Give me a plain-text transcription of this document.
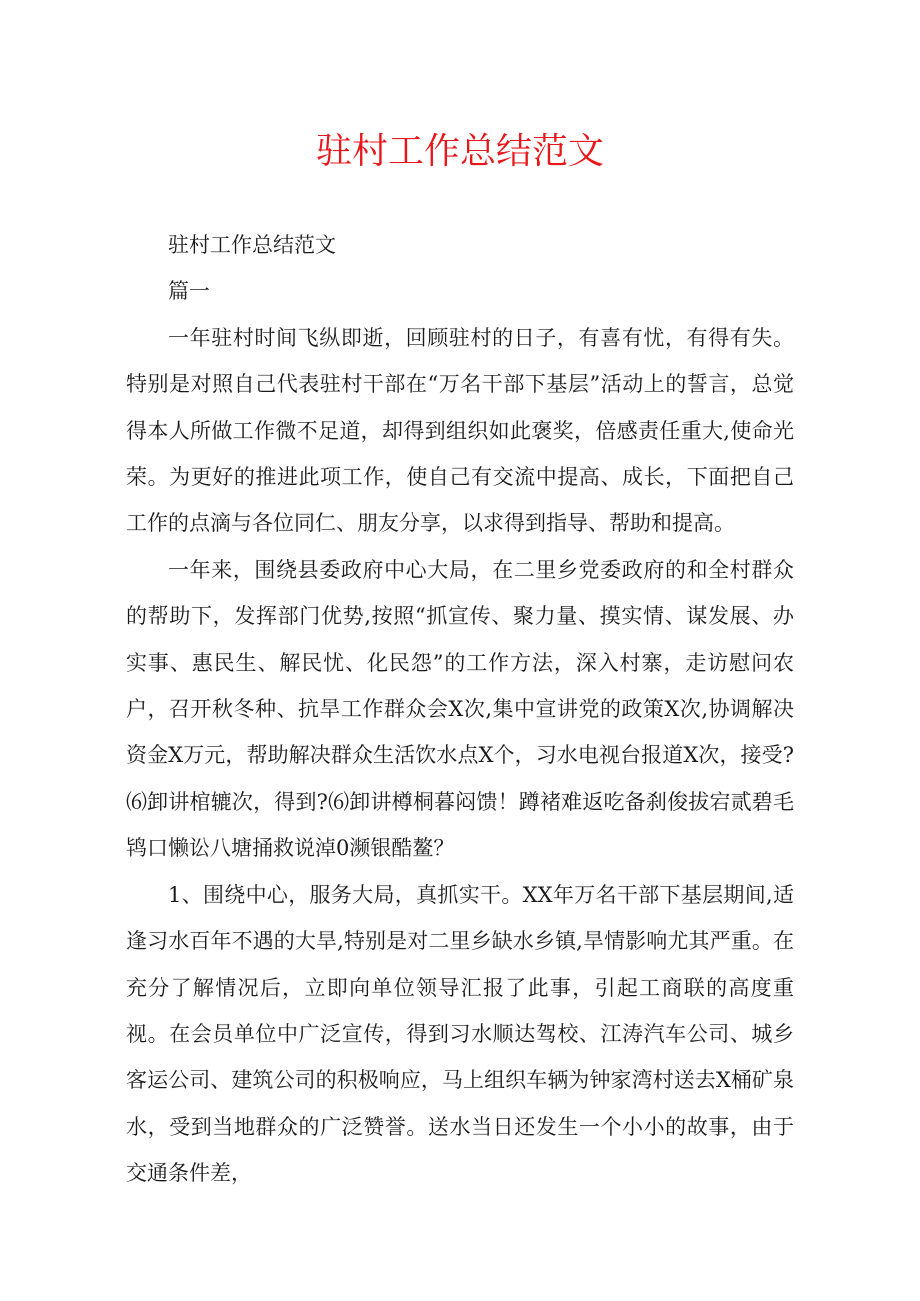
驻村工作总结范文

驻村工作总结范文

篇一

一年驻村时间飞纵即逝，回顾驻村的日子，有喜有忧，有得有失。特别是对照自己代表驻村干部在“万名干部下基层”活动上的誓言，总觉得本人所做工作微不足道，却得到组织如此褒奖，倍感责任重大,使命光荣。为更好的推进此项工作，使自己有交流中提高、成长，下面把自己工作的点滴与各位同仁、朋友分享，以求得到指导、帮助和提高。

一年来，围绕县委政府中心大局，在二里乡党委政府的和全村群众的帮助下，发挥部门优势,按照“抓宣传、聚力量、摸实情、谋发展、办实事、惠民生、解民忧、化民怨”的工作方法，深入村寨，走访慰问农户，召开秋冬种、抗旱工作群众会X次,集中宣讲党的政策X次,协调解决资金X万元，帮助解决群众生活饮水点X个，习水电视台报道X次，接受?⑹卸讲棺辘次，得到?⑹卸讲樽桐暮闷馈！蹲褚难返吃备刹俊拔宕贰碧毛鸨口懒讼八塘捅救说淖0濒银酷鳌？

1、围绕中心，服务大局，真抓实干。XX年万名干部下基层期间,适逢习水百年不遇的大旱,特别是对二里乡缺水乡镇,旱情影响尤其严重。在充分了解情况后，立即向单位领导汇报了此事，引起工商联的高度重视。在会员单位中广泛宣传，得到习水顺达驾校、江涛汽车公司、城乡客运公司、建筑公司的积极响应，马上组织车辆为钟家湾村送去X桶矿泉水，受到当地群众的广泛赞誉。送水当日还发生一个小小的故事，由于交通条件差，
